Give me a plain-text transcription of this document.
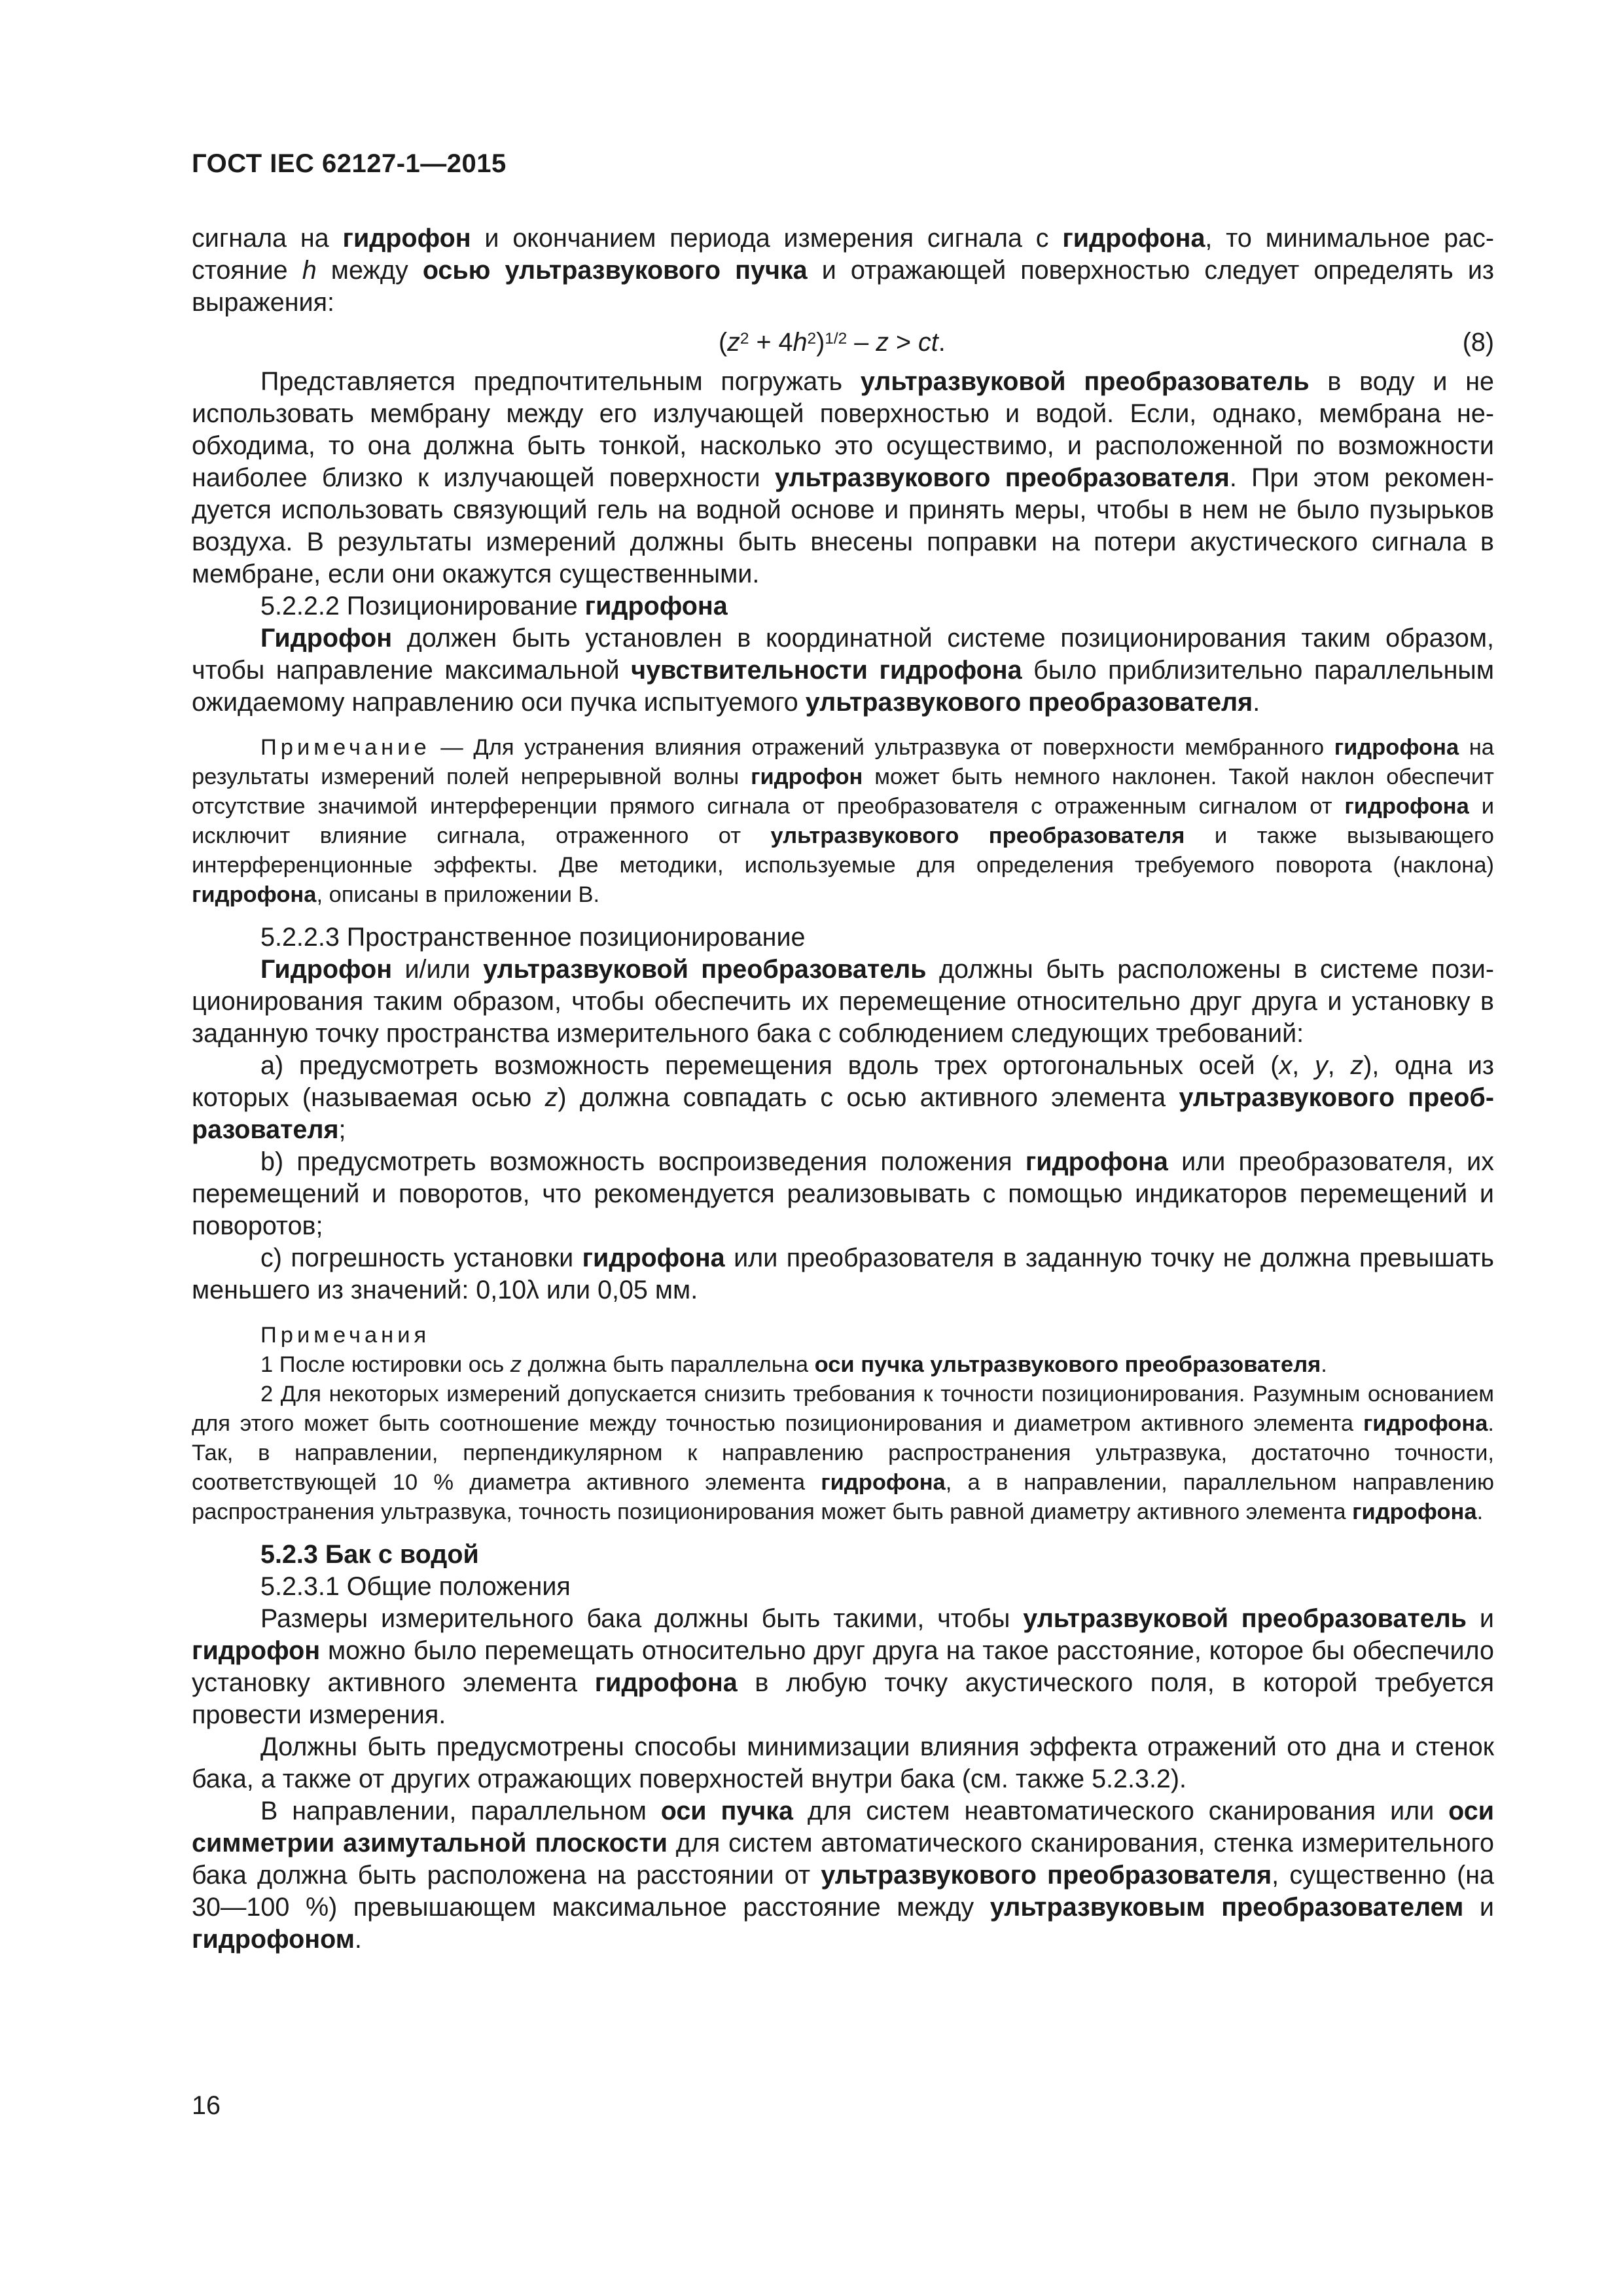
ГОСТ IEC 62127-1—2015

сигнала на гидрофон и окончанием периода измерения сигнала с гидрофона, то минимальное расстояние h между осью ультразвукового пучка и отражающей поверхностью следует определять из выражения:

$(z^2 + 4h^2)^{1/2} - z$ > ct.	(8)

Представляется предпочтительным погружать ультразвуковой преобразователь в воду и не использовать мембрану между его излучающей поверхностью и водой. Если, однако, мембрана необходима, то она должна быть тонкой, насколько это осуществимо, и расположенной по возможности наиболее близко к излучающей поверхности ультразвукового преобразователя. При этом рекомендуется использовать связующий гель на водной основе и принять меры, чтобы в нем не было пузырьков воздуха. В результаты измерений должны быть внесены поправки на потери акустического сигнала в мембране, если они окажутся существенными.

5.2.2.2 Позиционирование гидрофона

Гидрофон должен быть установлен в координатной системе позиционирования таким образом, чтобы направление максимальной чувствительности гидрофона было приблизительно параллельным ожидаемому направлению оси пучка испытуемого ультразвукового преобразователя.

Примечание — Для устранения влияния отражений ультразвука от поверхности мембранного гидрофона на результаты измерений полей непрерывной волны гидрофон может быть немного наклонен. Такой наклон обеспечит отсутствие значимой интерференции прямого сигнала от преобразователя с отраженным сигналом от гидрофона и исключит влияние сигнала, отраженного от ультразвукового преобразователя и также вызывающего интерференционные эффекты. Две методики, используемые для определения требуемого поворота (наклона) гидрофона, описаны в приложении В.

5.2.2.3 Пространственное позиционирование

Гидрофон и/или ультразвуковой преобразователь должны быть расположены в системе позиционирования таким образом, чтобы обеспечить их перемещение относительно друг друга и установку в заданную точку пространства измерительного бака с соблюдением следующих требований:

a) предусмотреть возможность перемещения вдоль трех ортогональных осей (x, y, z), одна из которых (называемая осью z) должна совпадать с осью активного элемента ультразвукового преобразователя;

b) предусмотреть возможность воспроизведения положения гидрофона или преобразователя, их перемещений и поворотов, что рекомендуется реализовывать с помощью индикаторов перемещений и поворотов;

c) погрешность установки гидрофона или преобразователя в заданную точку не должна превышать меньшего из значений: 0,10λ или 0,05 мм.

Примечания

1 После юстировки ось z должна быть параллельна оси пучка ультразвукового преобразователя.

2 Для некоторых измерений допускается снизить требования к точности позиционирования. Разумным основанием для этого может быть соотношение между точностью позиционирования и диаметром активного элемента гидрофона. Так, в направлении, перпендикулярном к направлению распространения ультразвука, достаточно точности, соответствующей 10 % диаметра активного элемента гидрофона, а в направлении, параллельном направлению распространения ультразвука, точность позиционирования может быть равной диаметру активного элемента гидрофона.

5.2.3 Бак с водой

5.2.3.1 Общие положения

Размеры измерительного бака должны быть такими, чтобы ультразвуковой преобразователь и гидрофон можно было перемещать относительно друг друга на такое расстояние, которое бы обеспечило установку активного элемента гидрофона в любую точку акустического поля, в которой требуется провести измерения.

Должны быть предусмотрены способы минимизации влияния эффекта отражений ото дна и стенок бака, а также от других отражающих поверхностей внутри бака (см. также 5.2.3.2).

В направлении, параллельном оси пучка для систем неавтоматического сканирования или оси симметрии азимутальной плоскости для систем автоматического сканирования, стенка измерительного бака должна быть расположена на расстоянии от ультразвукового преобразователя, существенно (на 30—100 %) превышающем максимальное расстояние между ультразвуковым преобразователем и гидрофоном.

16
